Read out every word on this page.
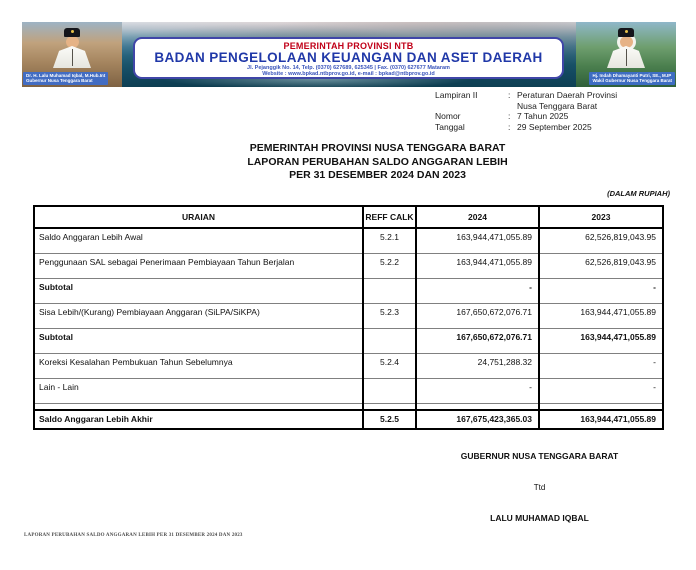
Dr. H. Lalu Muhamad Iqbal, M.Hub.Int
Gubernur Nusa Tenggara Barat
Hj. Indah Dhamayanti Putri, SE., M.IP
Wakil Gubernur Nusa Tenggara Barat
PEMERINTAH PROVINSI NTB
BADAN PENGELOLAAN KEUANGAN DAN ASET DAERAH
Jl. Pejanggik No. 14, Telp. (0370) 627689, 625345 | Fax. (0370) 627677 Mataram
Website : www.bpkad.ntbprov.go.id, e-mail : bpkad@ntbprov.go.id
Lampiran II	: Peraturan Daerah Provinsi
Nusa Tenggara Barat
Nomor	: 7 Tahun 2025
Tanggal	: 29 September 2025
PEMERINTAH PROVINSI NUSA TENGGARA BARAT
LAPORAN PERUBAHAN SALDO ANGGARAN LEBIH
PER 31 DESEMBER 2024 DAN 2023
(DALAM RUPIAH)
URAIAN	REFF CALK	2024	2023
Saldo Anggaran Lebih Awal	5.2.1	163,944,471,055.89	62,526,819,043.95
Penggunaan SAL sebagai Penerimaan Pembiayaan Tahun Berjalan	5.2.2	163,944,471,055.89	62,526,819,043.95
Subtotal		-	-
Sisa Lebih/(Kurang) Pembiayaan Anggaran (SiLPA/SiKPA)	5.2.3	167,650,672,076.71	163,944,471,055.89
Subtotal		167,650,672,076.71	163,944,471,055.89
Koreksi Kesalahan Pembukuan Tahun Sebelumnya	5.2.4	24,751,288.32	-
Lain - Lain		-	-

Saldo Anggaran Lebih Akhir	5.2.5	167,675,423,365.03	163,944,471,055.89
GUBERNUR NUSA TENGGARA BARAT
Ttd
LALU MUHAMAD IQBAL
LAPORAN PERUBAHAN SALDO ANGGARAN LEBIH PER 31 DESEMBER 2024 DAN 2023
